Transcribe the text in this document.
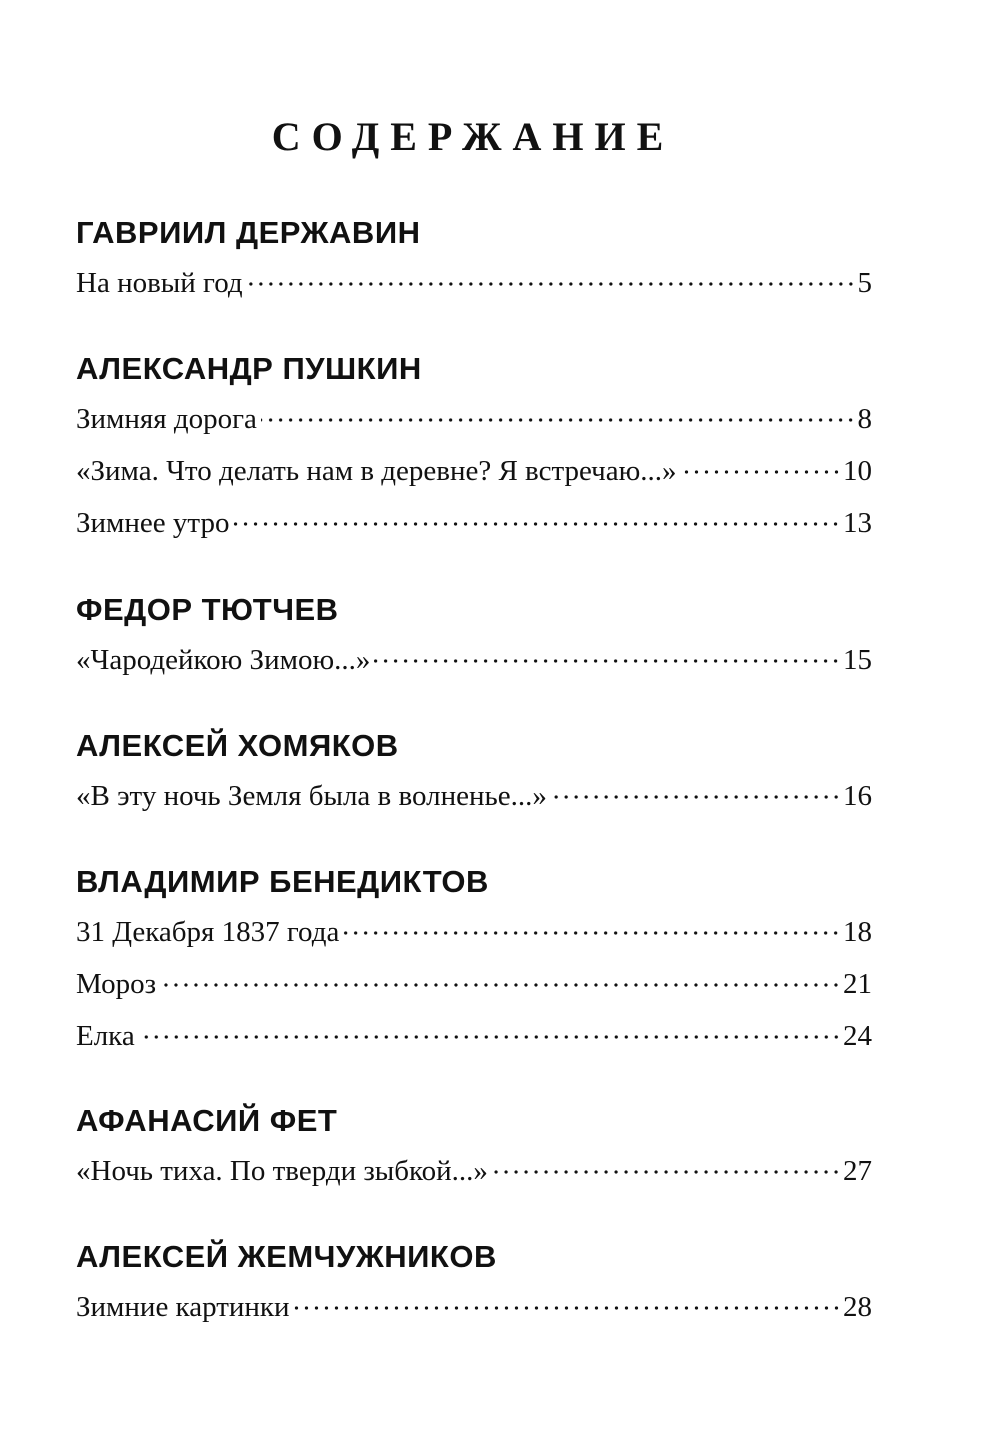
СОДЕРЖАНИЕ
ГАВРИИЛ ДЕРЖАВИН
На новый год	5
АЛЕКСАНДР ПУШКИН
Зимняя дорога	8
«Зима. Что делать нам в деревне? Я встречаю...»	10
Зимнее утро	13
ФЕДОР ТЮТЧЕВ
«Чародейкою Зимою...»	15
АЛЕКСЕЙ ХОМЯКОВ
«В эту ночь Земля была в волненье...»	16
ВЛАДИМИР БЕНЕДИКТОВ
31 Декабря 1837 года	18
Мороз	21
Елка	24
АФАНАСИЙ ФЕТ
«Ночь тиха. По тверди зыбкой...»	27
АЛЕКСЕЙ ЖЕМЧУЖНИКОВ
Зимние картинки	28
